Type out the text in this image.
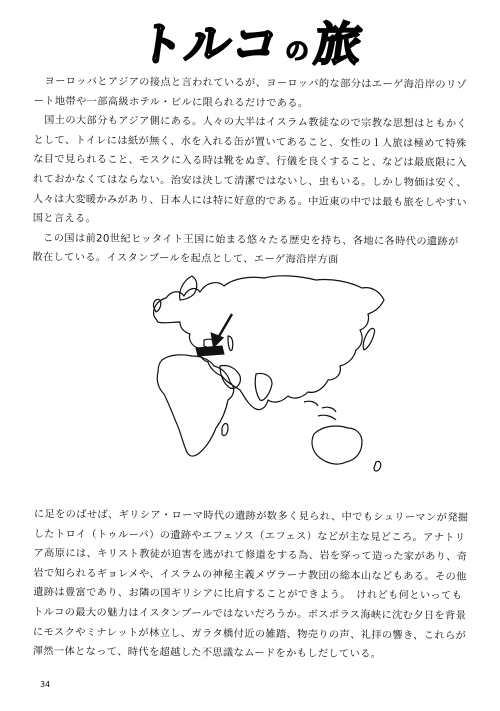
トルコ の 旅

　ヨーロッパとアジアの接点と言われているが、ヨーロッパ的な部分はエーゲ海沿岸のリゾート地帯や一部高級ホテル・ビルに限られるだけである。
　国土の大部分もアジア側にある。人々の大半はイスラム教徒なので宗教な思想はともかくとして、トイレには紙が無く、水を入れる缶が置いてあること、女性の１人旅は極めて特殊な目で見られること、モスクに入る時は靴をぬぎ、行儀を良くすること、などは最底限に入れておかなくてはならない。治安は決して清潔ではないし、虫もいる。しかし物価は安く、人々は大変暖かみがあり、日本人には特に好意的である。中近東の中では最も旅をしやすい国と言える。
　この国は前20世紀ヒッタイト王国に始まる悠々たる歴史を持ち、各地に各時代の遺跡が散在している。イスタンブールを起点として、エーゲ海沿岸方面

に足をのばせば、ギリシア・ローマ時代の遺跡が数多く見られ、中でもシュリーマンが発掘したトロイ（トゥルーバ）の遺跡やエフェソス（エフェス）などが主な見どころ。アナトリア高原には、キリスト教徒が迫害を逃がれて修道をする為、岩を穿って造った家があり、奇岩で知られるギョレメや、イスラムの神秘主義メヴラーナ教団の総本山などもある。その他遺跡は豊富であり、お隣の国ギリシアに比肩することができよう。　けれども何といってもトルコの最大の魅力はイスタンブールではないだろうか。ボスポラス海峡に沈む夕日を背景にモスクやミナレットが林立し、ガラタ橋付近の雑踏、物売りの声、礼拝の響き、これらが渾然一体となって、時代を超越した不思議なムードをかもしだしている。

34
